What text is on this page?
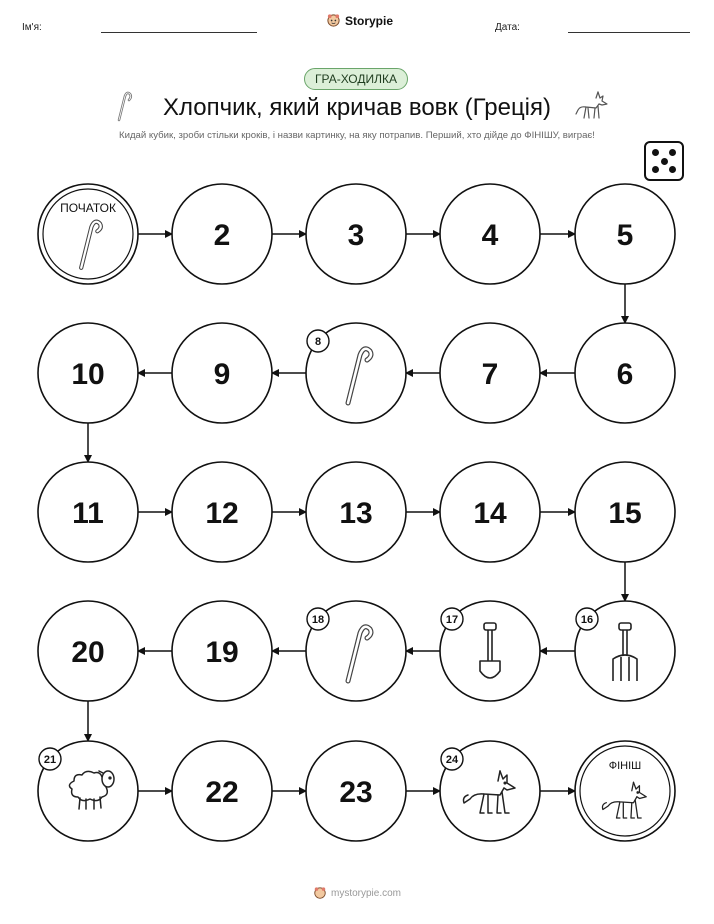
Ім'я:	Storypie	Дата:
ГРА-ХОДИЛКА
Хлопчик, який кричав вовк (Греція)
Кидай кубик, зроби стільки кроків, і назви картинку, на яку потрапив. Перший, хто дійде до ФІНІШУ, виграє!
ПОЧАТОК
2	3	4	5
6
7
8
9
10
11	12	13	14	15
16
17
18
19
20
21
22	23
24	ФІНІШ
mystorypie.com
